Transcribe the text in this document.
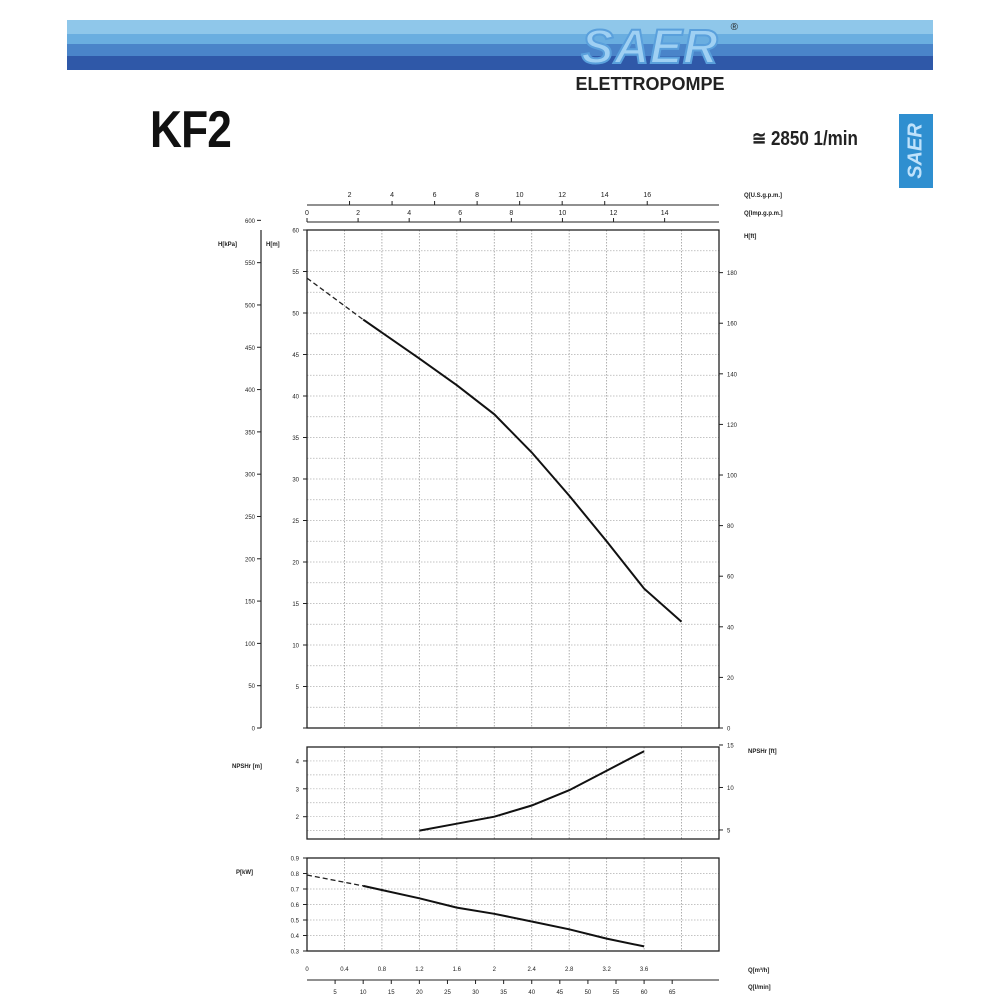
SAER	®
ELETTROPOMPE
KF2	≅ 2850 1/min SAER
2	4	6	8	10	12	14	16	Q[U.S.g.p.m.]
0	2	4	6	8	10	12	14	Q[Imp.g.p.m.]
0
50
100
150
200
250
300
350
400
450
500
550
600
H[kPa]
5
10
15
20
25
30
35
40
45
50
55
60
H[m]
0
20
40
60
80
100
120
140
160
180
H[ft]
2
3
4
5
10
15
NPSHr [m]
NPSHr [ft]
0.3
0.4
0.5
0.6
0.7
0.8
0.9
P[kW]
0	0.4	0.8	1.2	1.6	2	2.4	2.8	3.2	3.6	Q[m³/h]
5	10	15	20	25	30	35	40	45	50	55	60	65
Q[l/min]
